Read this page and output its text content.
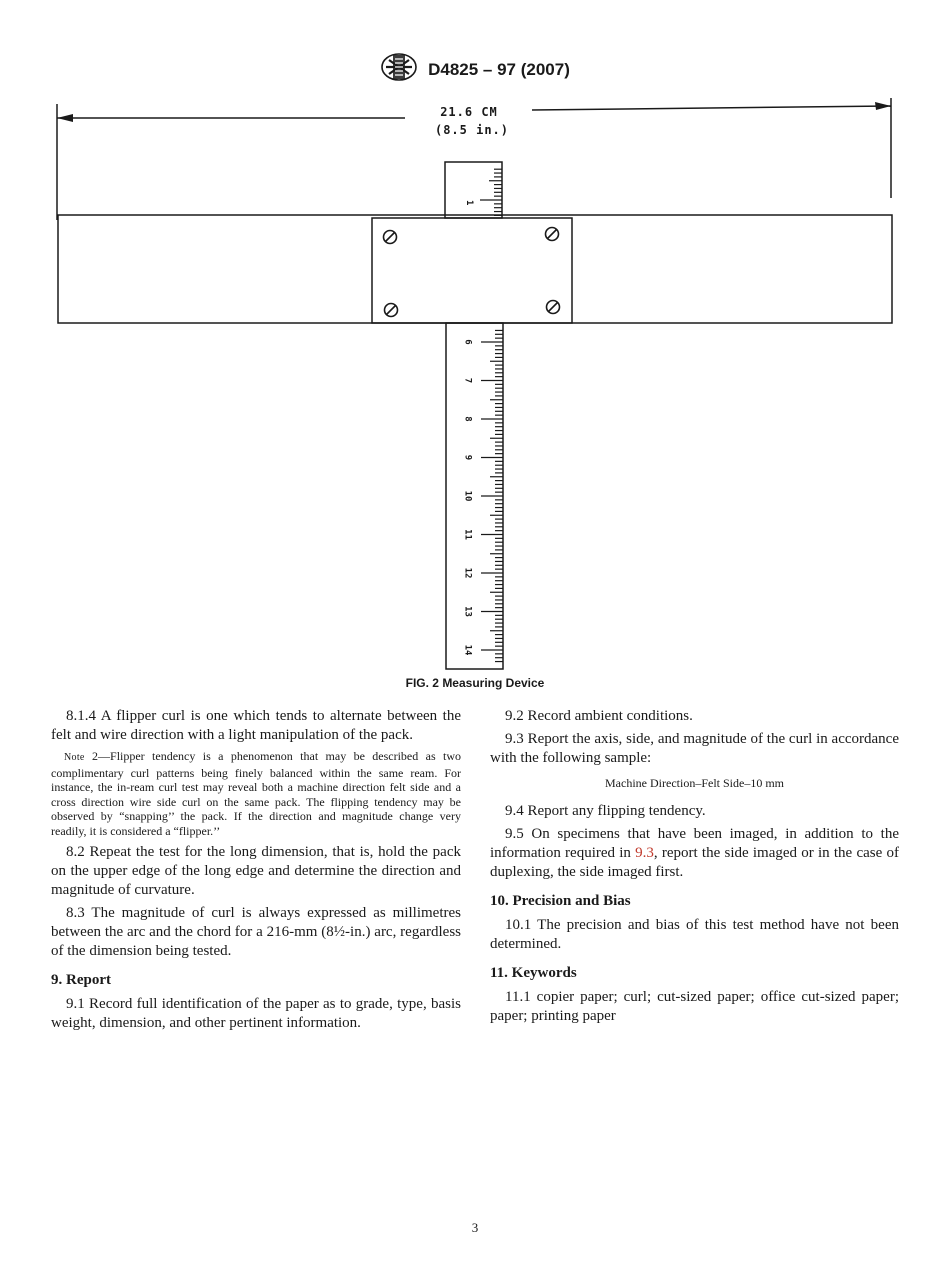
D4825 – 97 (2007)
21.6 CM
(8.5 in.)
1
6
7
8
9
10
11
12
13
14
FIG. 2 Measuring Device

8.1.4 A flipper curl is one which tends to alternate between the felt and wire direction with a light manipulation of the pack.

Note 2—Flipper tendency is a phenomenon that may be described as two complimentary curl patterns being finely balanced within the same ream. For instance, the in-ream curl test may reveal both a machine direction felt side and a cross direction wire side curl on the same pack. The flipping tendency may be observed by “snapping’’ the pack. If the direction and magnitude change very readily, it is considered a “flipper.’’

8.2 Repeat the test for the long dimension, that is, hold the pack on the upper edge of the long edge and determine the direction and magnitude of curvature.

8.3 The magnitude of curl is always expressed as millimetres between the arc and the chord for a 216-mm (8½-in.) arc, regardless of the dimension being tested.

9. Report

9.1 Record full identification of the paper as to grade, type, basis weight, dimension, and other pertinent information.

9.2 Record ambient conditions.

9.3 Report the axis, side, and magnitude of the curl in accordance with the following sample:

Machine Direction–Felt Side–10 mm

9.4 Report any flipping tendency.

9.5 On specimens that have been imaged, in addition to the information required in 9.3, report the side imaged or in the case of duplexing, the side imaged first.

10. Precision and Bias

10.1 The precision and bias of this test method have not been determined.

11. Keywords

11.1 copier paper; curl; cut-sized paper; office cut-sized paper; paper; printing paper

3
